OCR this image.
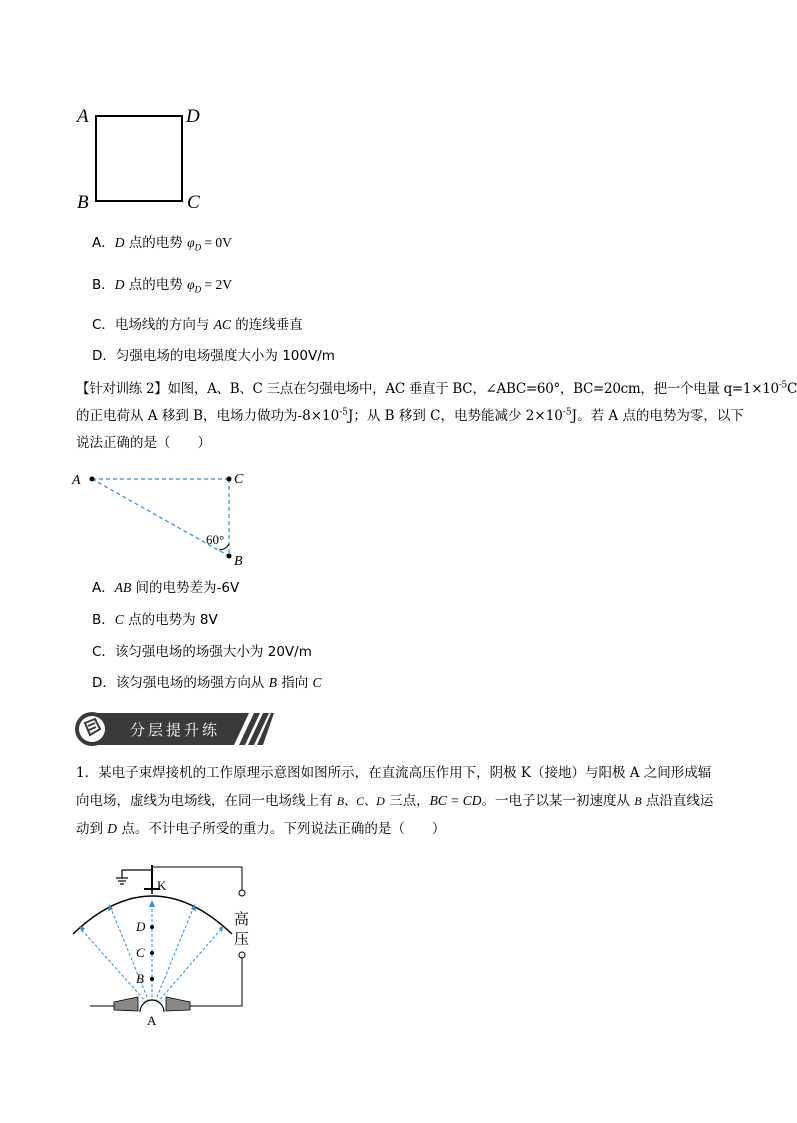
A	D
B	C
A．D 点的电势 $\varphi_D = 0V$
B．D 点的电势 $\varphi_D = 2V$
C．电场线的方向与 AC 的连线垂直
D．匀强电场的电场强度大小为 100V/m
【针对训练 2】如图，A、B、C 三点在匀强电场中，AC 垂直于 BC，∠ABC=60°，BC=20cm，把一个电量 $q=1\times 10^{-5}C$
的正电荷从 A 移到 B，电场力做功为$-8\times 10^{-5}J$；从 B 移到 C，电势能减少 $2\times 10^{-5}J$。若 A 点的电势为零，以下
说法正确的是（　　）
A	C
B
60°
A．AB 间的电势差为-6V
B．C 点的电势为 8V
C．该匀强电场的场强大小为 20V/m
D．该匀强电场的场强方向从 B 指向 C
分层提升练
1．某电子束焊接机的工作原理示意图如图所示，在直流高压作用下，阴极 K（接地）与阳极 A 之间形成辐
向电场，虚线为电场线，在同一电场线上有 B、C、D 三点，BC = CD。一电子以某一初速度从 B 点沿直线运
动到 D 点。不计电子所受的重力。下列说法正确的是（　　）
K
高
压
D
C
B
A
